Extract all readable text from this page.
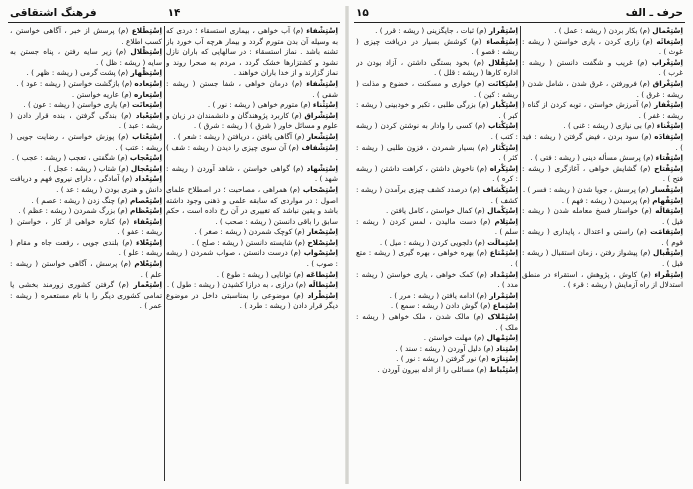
فرهنگ اشتقاقی	۱۴

اِسْتِشْفاء (م) آب خواهی ، بیماری استسقاء ؛ دردی که به وسیله آن بدن متورم گردد و بیمار هرچه آب خورد باز تشنه باشد . نماز استسقاء : در سالهایی که باران نازل نشود و کشتزارها خشک گردد ، مردم به صحرا روند و نماز گزارند و از خدا باران خواهند .

اِسْتِشْفاء (م) درمان خواهی ، شفا جستن ( ریشه : شفی ) .

اِسْتِثْناء (م) متورم خواهی ( ریشه : نور ) .

اِسْتِشْراق (م) کاربرد پژوهندگان و دانشمندان در زبان و علوم و مسائل خاور ( شرق ) ( ریشه : شرق ) .

اِسْتِشْعار (م) آگاهی یافتن ، دریافتن ( ریشه : شعر ) .

اِسْتِشْفاف (م) آن سوی چیزی را دیدن ( ریشه : شف ) .

اِسْتِشْهاد (م) گواهی خواستن ، شاهد آوردن ( ریشه : شهد ) .

اِسْتِصْحاب (م) همراهی ، مصاحبت ؛ در اصطلاح علمای اصول : در مواردی که سابقه علمی و ذهنی وجود داشته باشد و یقین نباشد که تغییری در آن رخ داده است ، حکم سابق را باقی دانستن ( ریشه : صحب ) .

اِسْتِصْغار (م) کوچک شمردن ( ریشه : صغر ) .

اِسْتِصْلاح (م) شایسته دانستن ( ریشه : صلح ) .

اِسْتِصْواب (م) درست دانستن ، صواب شمردن ( ریشه : صوب ) .

اِسْتِطاعَه (م) توانایی ( ریشه : طوع ) .

اِسْتِطالَه (م) درازی ، به درازا کشیدن ( ریشه : طول ) .

اِسْتِطْراد (م) موضوعی را بمناسبتی داخل در موضوع دیگر قرار دادن ( ریشه : طرد ) .

اِسْتِطْلاع (م) پرسش از خبر ، آگاهی خواستن ، کسب اطلاع .

اِسْتِظْلال (م) زیر سایه رفتن ، پناه جستن به سایه ( ریشه : ظل ) .

اِسْتِظْهار (م) پشت گرمی ( ریشه : ظهر ) .

اِسْتِعاده (م) بازگشت خواستن ( ریشه : عود ) .

اِسْتِعاره (م) عاریه خواستن .

اِسْتِعانَت (م) یاری خواستن ( ریشه : عون ) .

اِسْتِعْباد (م) بندگی گرفتن ، بنده قرار دادن ( ریشه : عبد ) .

اِسْتِعْتاب (م) پوزش خواستن ، رضایت جویی ( ریشه : عتب ) .

اِسْتِعْجاب (م) شگفتی ، تعجب ( ریشه : عجب ) .

اِسْتِعْجال (م) شتاب ( ریشه : عجل ) .

اِسْتِعْداد (م) آمادگی ، دارای نیروی فهم و دریافت دانش و هنری بودن ( ریشه : عد ) .

اِسْتِعْصام (م) چنگ زدن ( ریشه : عصم ) .

اِسْتِعْظام (م) بزرگ شمردن ( ریشه : عظم ) .

اِسْتِعْفاء (م) کناره خواهی از کار ، خواستن ( ریشه : عفو ) .

اِسْتِعْلاء (م) بلندی جویی ، رفعت جاه و مقام ( ریشه : علو ) .

اِسْتِعْلام (م) پرسش ، آگاهی خواستن ( ریشه : علم ) .

اِسْتِعْمار (م) گرفتن کشوری زورمند بخشی یا تمامی کشوری دیگر را با نام مستعمره ( ریشه : عمر ) .

۱۵	حرف ـ الف

اِسْتِعْمال (م) بکار بردن ( ریشه : عمل ) .

اِسْتِغاثَه (م) زاری کردن ، یاری خواستن ( ریشه : غوث ) .

اِسْتِغْراب (م) غریب و شگفت دانستن ( ریشه : غرب ) .

اِسْتِغْراق (م) فرورفتن ، غرق شدن ، شامل شدن ( ریشه : غرق ) .

اِسْتِغْفار (م) آمرزش خواستن ، توبه کردن از گناه ( ریشه : غفر ) .

اِسْتِغْناء (م) بی نیازی ( ریشه : غنی ) .

اِسْتِفادَه (م) سود بردن ، فیض گرفتن ( ریشه : فید ) .

اِسْتِفْتاء (م) پرسش مسأله دینی ( ریشه : فتی ) .

اِسْتِفْتاح (م) گشایش خواهی ، آغازگری ( ریشه : فتح ) .

اِسْتِفْسار (م) پرسش ، جویا شدن ( ریشه : فسر ) .

اِسْتِفْهام (م) پرسیدن ( ریشه : فهم ) .

اِسْتِقالَه (م) خواستار فسخ معامله شدن ( ریشه : قیل ) .

اِسْتِقامَت (م) راستی و اعتدال ، پایداری ( ریشه : قوم ) .

اِسْتِقْبال (م) پیشواز رفتن ، زمان استقبال ( ریشه : قبل ) .

اِسْتِقْراء (م) کاوش ، پژوهش ، استقراء در منطق استدلال از راه آزمایش ( ریشه : قرء ) .

اِسْتِقْرار (م) ثبات ، جایگزینی ( ریشه : قرر ) .

اِسْتِقْصاء (م) کوشش بسیار در دریافت چیزی ( ریشه : قصو ) .

اِسْتِقْلال (م) بخود بستگی داشتن ، آزاد بودن در اداره کارها ( ریشه : قلل ) .

اِسْتِکانَت (م) خواری و مسکنت ، خضوع و مذلت ( ریشه : کین ) .

اِسْتِکْبار (م) بزرگی طلبی ، تکبر و خودبینی ( ریشه : کبر ) .

اِسْتِکْتاب (م) کسی را وادار به نوشتن کردن ( ریشه : کتب ) .

اِسْتِکْثار (م) بسیار شمردن ، فزون طلبی ( ریشه : کثر ) .

اِسْتِکْراه (م) ناخوش داشتن ، کراهت داشتن ( ریشه : کره ) .

اِسْتِکْشاف (م) درصدد کشف چیزی برآمدن ( ریشه : کشف ) .

اِسْتِکْمال (م) کمال خواستن ، کامل یافتن .

اِسْتِلام (م) دست مالیدن ، لمس کردن ( ریشه : سلم ) .

اِسْتِمالَت (م) دلجویی کردن ( ریشه : میل ) .

اِسْتِمْتاع (م) بهره خواهی ، بهره گیری ( ریشه : متع ) .

اِسْتِمْداد (م) کمک خواهی ، یاری خواستن ( ریشه : مدد ) .

اِسْتِمْرار (م) ادامه یافتن ( ریشه : مرر ) .

اِسْتِماع (م) گوش دادن ( ریشه : سمع ) .

اِسْتِمْلاک (م) مالک شدن ، ملک خواهی ( ریشه : ملک ) .

اِسْتِمْهال (م) مهلت خواستن .

اِسْتِناد (م) دلیل آوردن ( ریشه : سند ) .

اِسْتِنارَه (م) نور گرفتن ( ریشه : نور ) .

اِسْتِنْباط (م) مسائلی را از ادله بیرون آوردن .
